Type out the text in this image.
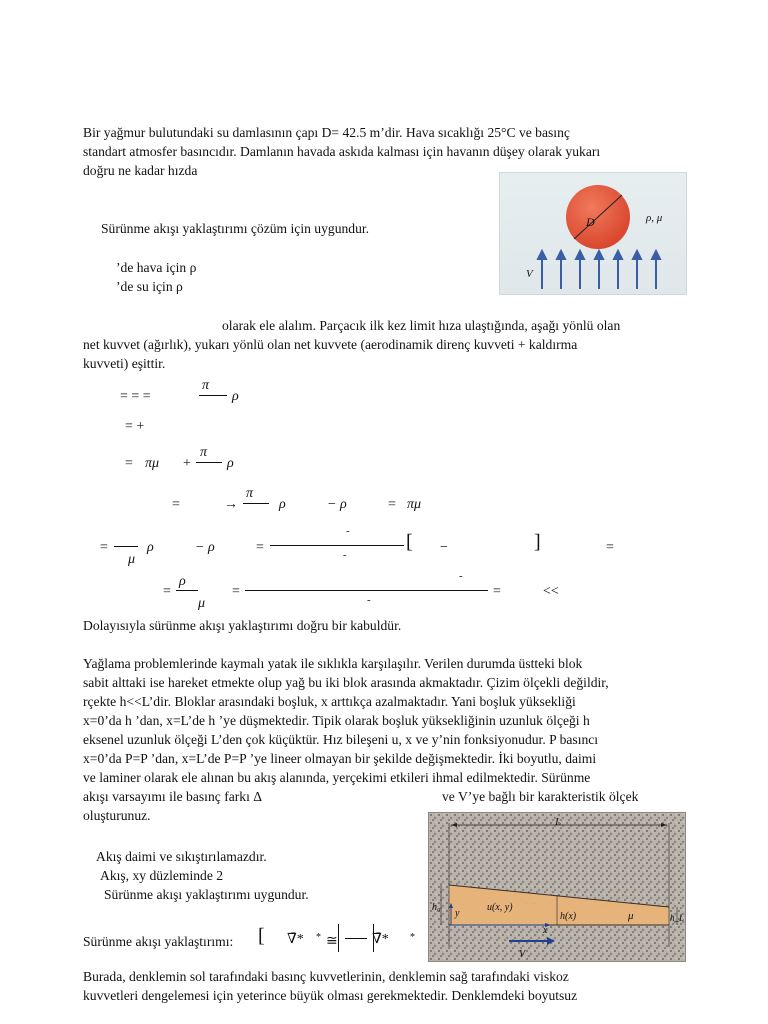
Bir yağmur bulutundaki su damlasının çapı D= 42.5 m’dir. Hava sıcaklığı 25°C ve basınç
standart atmosfer basıncıdır. Damlanın havada askıda kalması için havanın düşey olarak yukarı
doğru ne kadar hızda
D	ρ, μ
V
Sürünme akışı yaklaştırımı çözüm için uygundur.
’de hava için ρ
’de su için ρ
olarak ele alalım. Parçacık ilk kez limit hıza ulaştığında, aşağı yönlü olan
net kuvvet (ağırlık), yukarı yönlü olan net kuvvete (aerodinamik direnç kuvveti + kaldırma
kuvveti) eşittir.
= = =
π
ρ
= +
= πμ +
π
ρ
=	→
π
ρ	− ρ	= πμ
=
μ
ρ	− ρ	=
-
-
[ −	]	=
=
ρ
μ
=
-
-
=	<<
Dolayısıyla sürünme akışı yaklaştırımı doğru bir kabuldür.
Yağlama problemlerinde kaymalı yatak ile sıklıkla karşılaşılır. Verilen durumda üstteki blok
sabit alttaki ise hareket etmekte olup yağ bu iki blok arasında akmaktadır. Çizim ölçekli değildir,
rçekte h<<L’dir. Bloklar arasındaki boşluk, x arttıkça azalmaktadır. Yani boşluk yüksekliği
x=0’da h ’dan, x=L’de h ’ye düşmektedir. Tipik olarak boşluk yüksekliğinin uzunluk ölçeği h
eksenel uzunluk ölçeği L’den çok küçüktür. Hız bileşeni u, x ve y’nin fonksiyonudur. P basıncı
x=0’da P=P ’dan, x=L’de P=P ’ye lineer olmayan bir şekilde değişmektedir. İki boyutlu, daimi
ve laminer olarak ele alınan bu akış alanında, yerçekimi etkileri ihmal edilmektedir. Sürünme
akışı varsayımı ile basınç farkı Δ	ve V’ye bağlı bir karakteristik ölçek
oluşturunuz.	L
h₀
y
u(x, y)
h(x)	μ	h_L
x
V
Akış daimi ve sıkıştırılamazdır.
Akış, xy düzleminde 2
Sürünme akışı yaklaştırımı uygundur.
Sürünme akışı yaklaştırımı: [ ∇̄* * ≅ ∇̄* *
Burada, denklemin sol tarafındaki basınç kuvvetlerinin, denklemin sağ tarafındaki viskoz
kuvvetleri dengelemesi için yeterince büyük olması gerekmektedir. Denklemdeki boyutsuz
